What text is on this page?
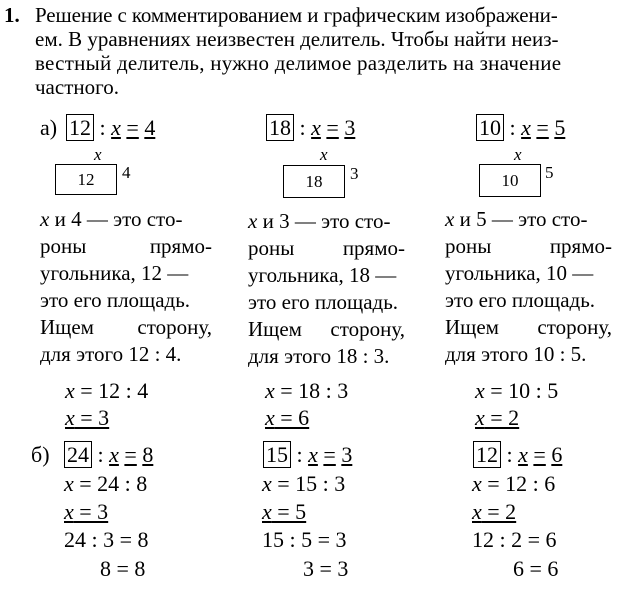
1. Решение с комментированием и графическим изображени-
ем. В уравнениях неизвестен делитель. Чтобы найти неиз-
вестный делитель, нужно делимое разделить на значение
частного.
а) 12 : x = 4
x
12	4
x и 4 — это сто-
роны	прямо-
угольника, 12 —
это его площадь.
Ищем сторону,
для этого 12 : 4.
x = 12 : 4
x = 3
18 : x = 3
x
18	3
x и 3 — это сто-
роны прямо-
угольника, 18 —
это его площадь.
Ищем сторону,
для этого 18 : 3.
x = 18 : 3
x = 6
10 : x = 5
x
10	5
x и 5 — это сто-
роны	прямо-
угольника, 10 —
это его площадь.
Ищем сторону,
для этого 10 : 5.
x = 10 : 5
x = 2
б) 24 : x = 8
x = 24 : 8
x = 3
24 : 3 = 8
8 = 8
15 : x = 3
x = 15 : 3
x = 5
15 : 5 = 3
3 = 3
12 : x = 6
x = 12 : 6
x = 2
12 : 2 = 6
6 = 6
